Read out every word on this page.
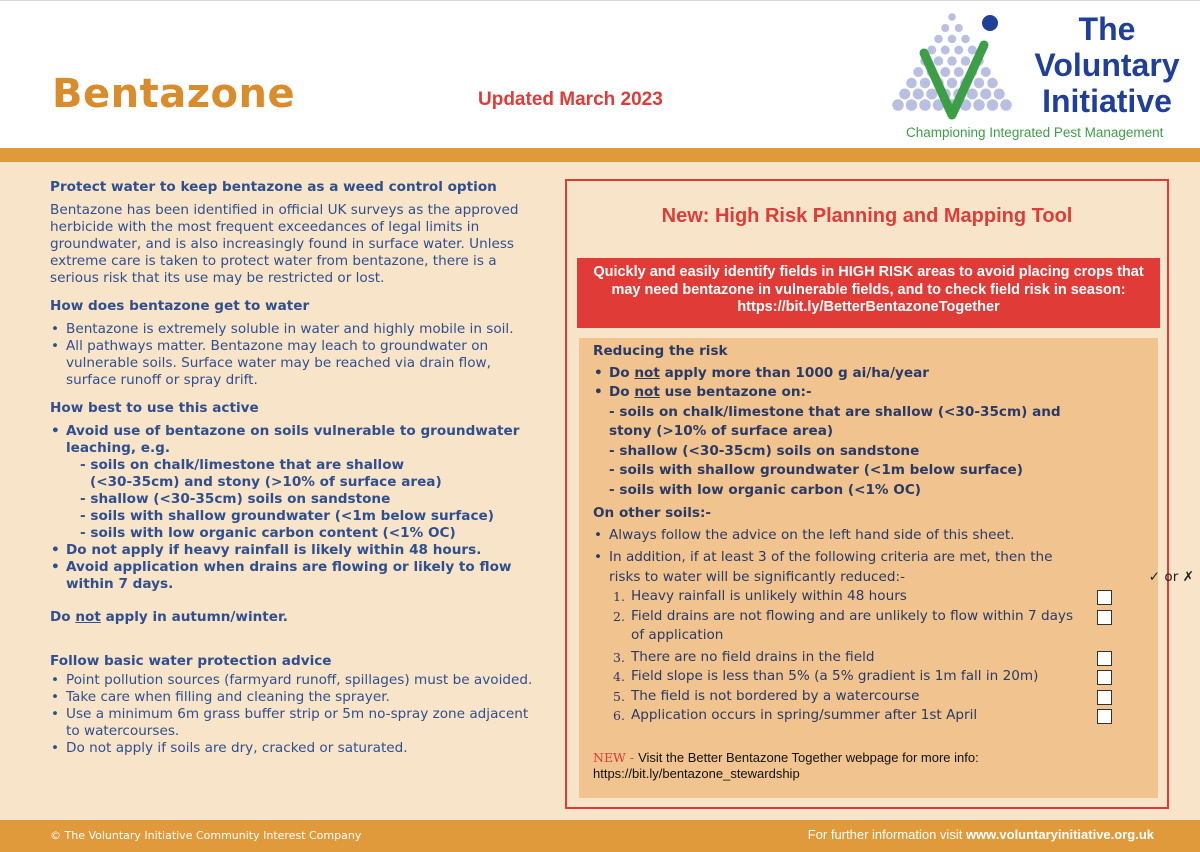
Bentazone	Updated March 2023
The
Voluntary
Initiative
Championing Integrated Pest Management
Protect water to keep bentazone as a weed control option

Bentazone has been identified in official UK surveys as the approved herbicide with the most frequent exceedances of legal limits in groundwater, and is also increasingly found in surface water. Unless extreme care is taken to protect water from bentazone, there is a serious risk that its use may be restricted or lost.

How does bentazone get to water
• Bentazone is extremely soluble in water and highly mobile in soil.
• All pathways matter. Bentazone may leach to groundwater on vulnerable soils. Surface water may be reached via drain flow, surface runoff or spray drift.
How best to use this active
• Avoid use of bentazone on soils vulnerable to groundwater leaching, e.g.
- soils on chalk/limestone that are shallow
(<30-35cm) and stony (>10% of surface area)
- shallow (<30-35cm) soils on sandstone
- soils with shallow groundwater (<1m below surface)
- soils with low organic carbon content (<1% OC)
• Do not apply if heavy rainfall is likely within 48 hours.
• Avoid application when drains are flowing or likely to flow within 7 days.

Do not apply in autumn/winter.

Follow basic water protection advice
• Point pollution sources (farmyard runoff, spillages) must be avoided.
• Take care when filling and cleaning the sprayer.
• Use a minimum 6m grass buffer strip or 5m no-spray zone adjacent to watercourses.
• Do not apply if soils are dry, cracked or saturated.
New: High Risk Planning and Mapping Tool
Quickly and easily identify fields in HIGH RISK areas to avoid placing crops that may need bentazone in vulnerable fields, and to check field risk in season: https://bit.ly/BetterBentazoneTogether
Reducing the risk
• Do not apply more than 1000 g ai/ha/year
• Do not use bentazone on:-
- soils on chalk/limestone that are shallow (<30-35cm) and stony (>10% of surface area)
- shallow (<30-35cm) soils on sandstone
- soils with shallow groundwater (<1m below surface)
- soils with low organic carbon (<1% OC)
On other soils:-
• Always follow the advice on the left hand side of this sheet.
• In addition, if at least 3 of the following criteria are met, then the risks to water will be significantly reduced:-	✓ or ✗
1. Heavy rainfall is unlikely within 48 hours
2. Field drains are not flowing and are unlikely to flow within 7 days of application
3. There are no field drains in the field
4. Field slope is less than 5% (a 5% gradient is 1m fall in 20m)
5. The field is not bordered by a watercourse
6. Application occurs in spring/summer after 1st April
NEW - Visit the Better Bentazone Together webpage for more info:
https://bit.ly/bentazone_stewardship
© The Voluntary Initiative Community Interest Company	For further information visit www.voluntaryinitiative.org.uk
